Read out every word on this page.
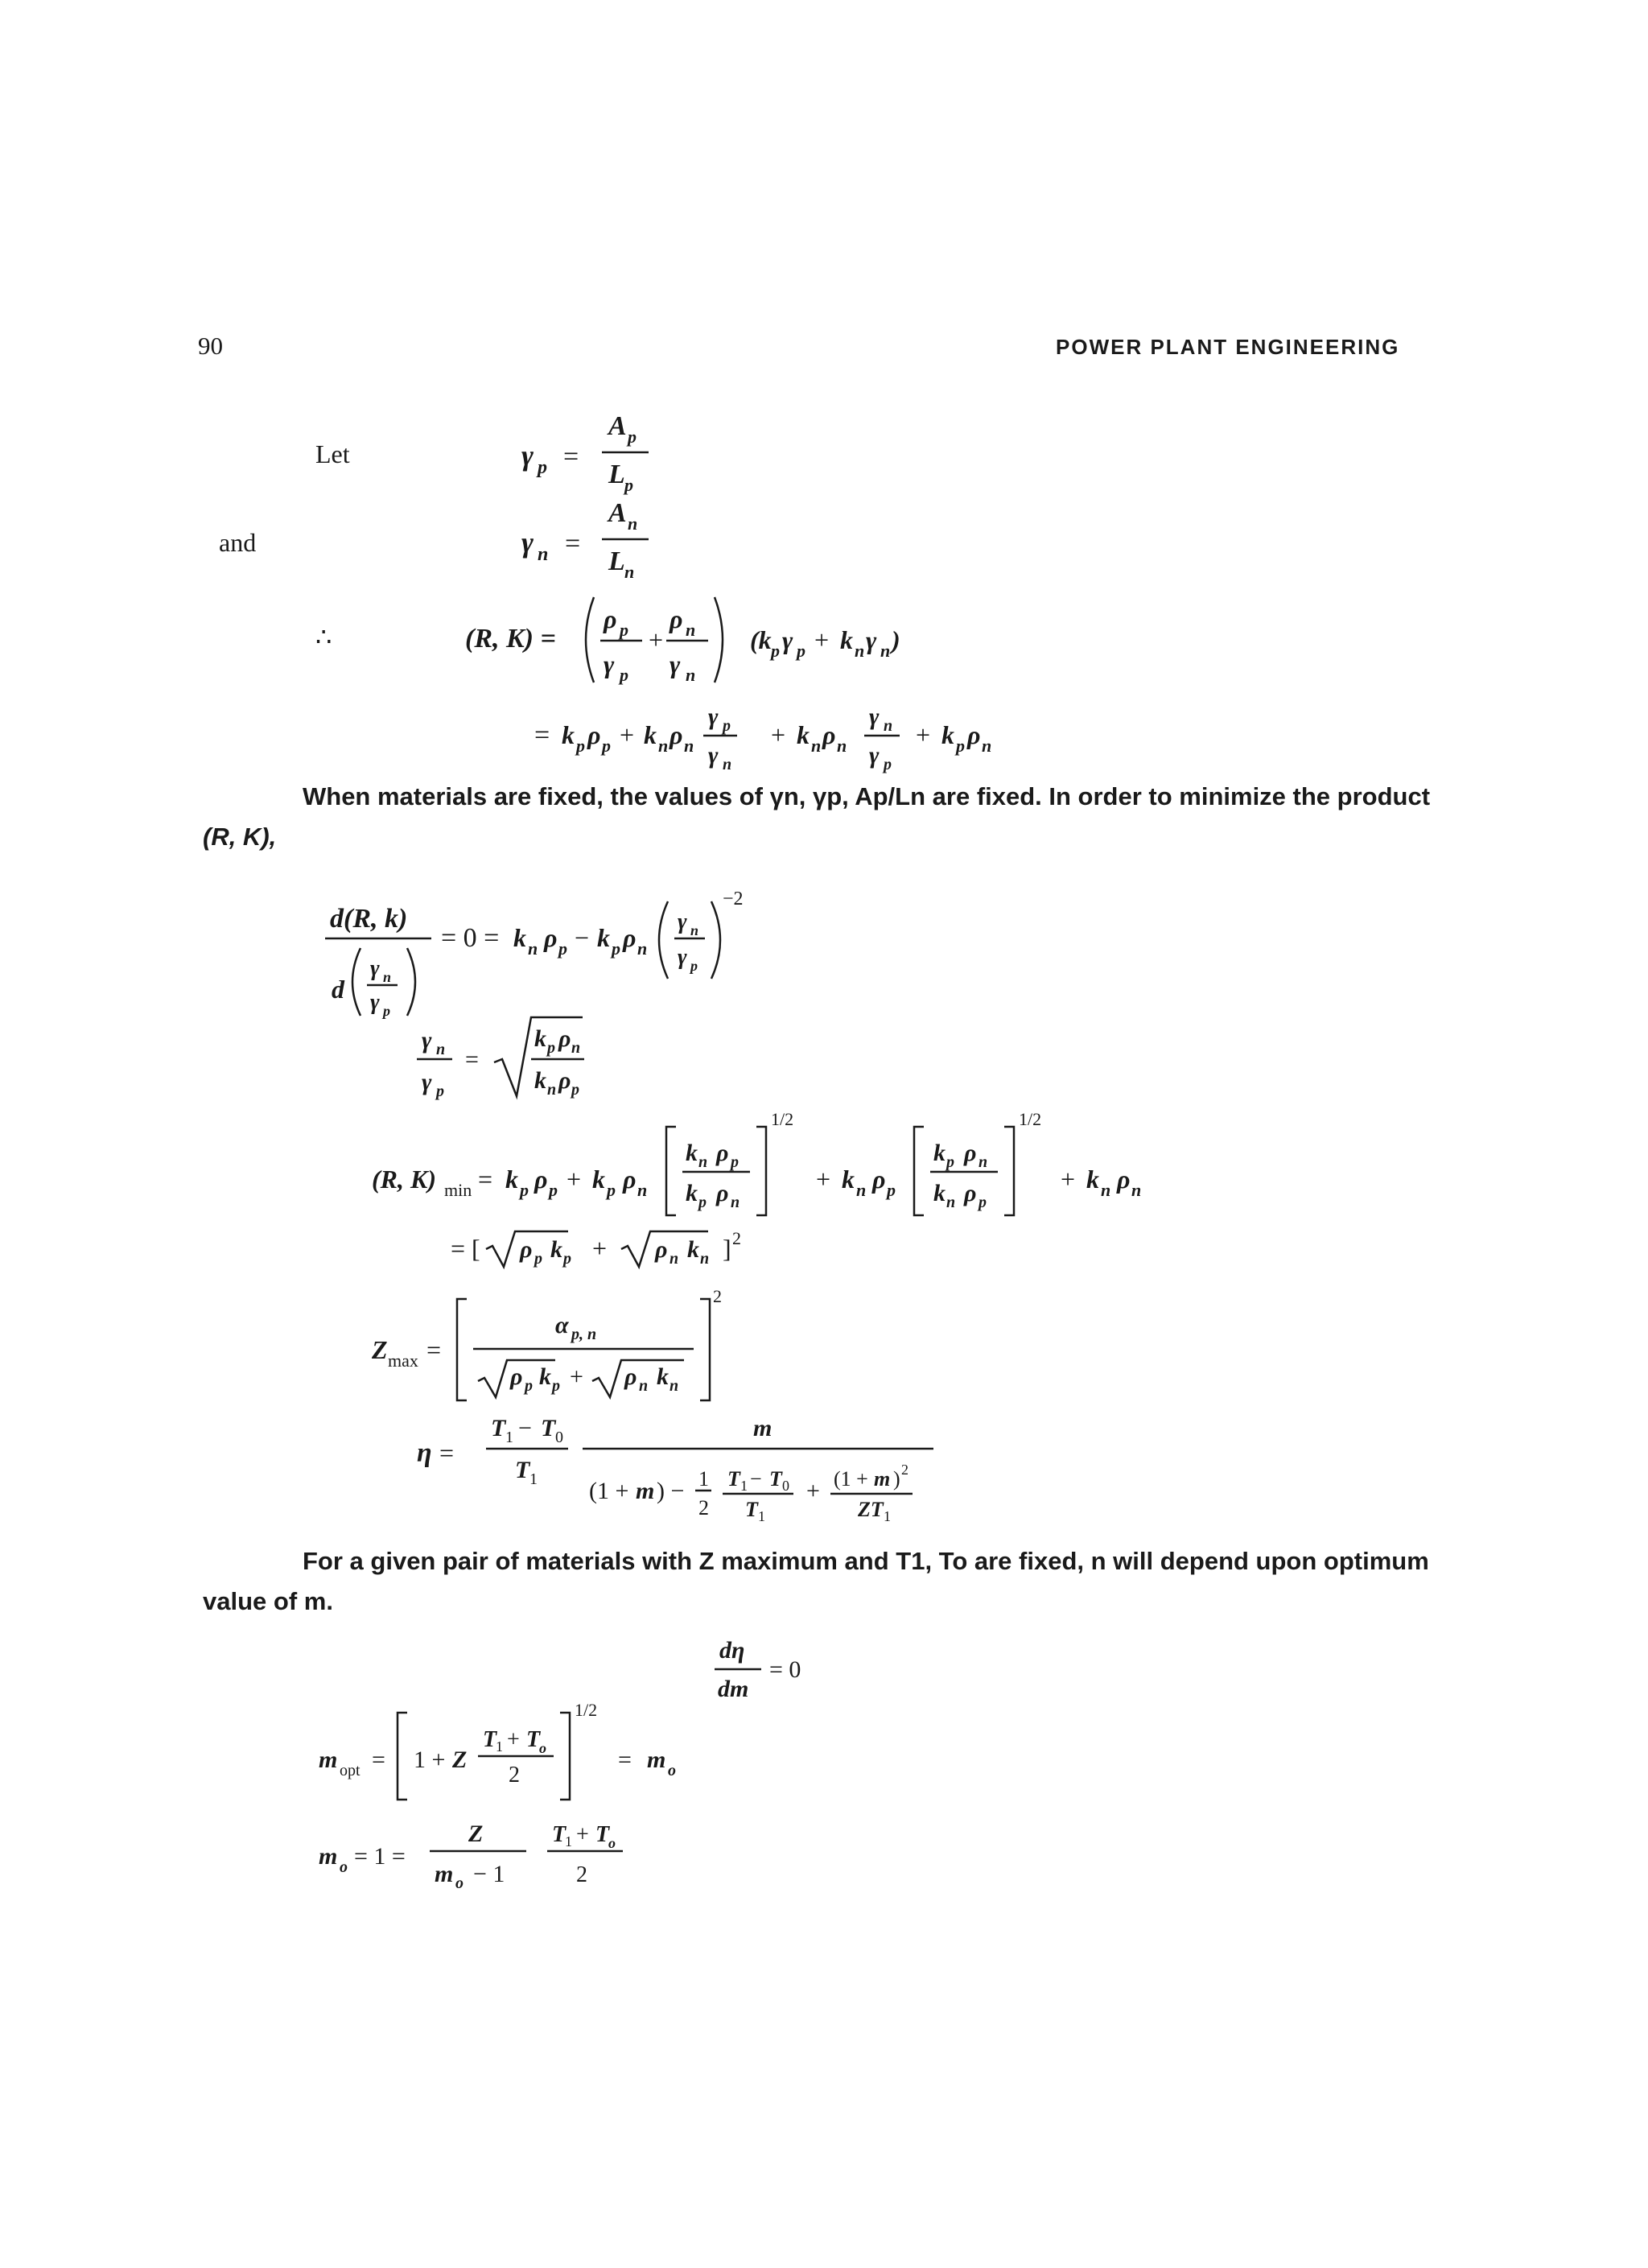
90	POWER PLANT ENGINEERING
Let
and
∴
When materials are fixed, the values of γn, γp, Ap/Ln are fixed. In order to minimize the product
(R, K),
For a given pair of materials with Z maximum and T1, To are fixed, n will depend upon optimum
value of m.
γ p =
A p
L p
γ n =
A n
L n
(R, K) =
ρ p
γ p
+
ρ n
γ n
(k p γ p + k n γ n )
= k p ρ p + k n ρ n
γ p
γ n
+ k n ρ n
γ n
γ p
+ k p ρ n
d(R, k)
d
γ n
γ p
= 0 = k n ρ p − k p ρ n
γ n
γ p
−2
γ n
γ p
=
k p ρ n
k n ρ p
(R, K) min = k p ρ p + k p ρ n
k n ρ p
k p ρ n
1/2
+ k n ρ p
k p ρ n
k n ρ p
1/2
+ k n ρ n
= [ ρ p k p + ρ n k n ] 2
Z max =
α p, n
ρ p k p + ρ n k n
2
η =
T 1 − T 0
T 1
m
(1 + m ) − 1
2
T 1 − T 0
T 1
+ (1 + m ) 2
ZT 1
dη
dm
= 0
m opt = 1 + Z
T
1 + T
o
2
1/2
= m o
m o = 1 =
Z
m o − 1
T
1 + T
o
2
